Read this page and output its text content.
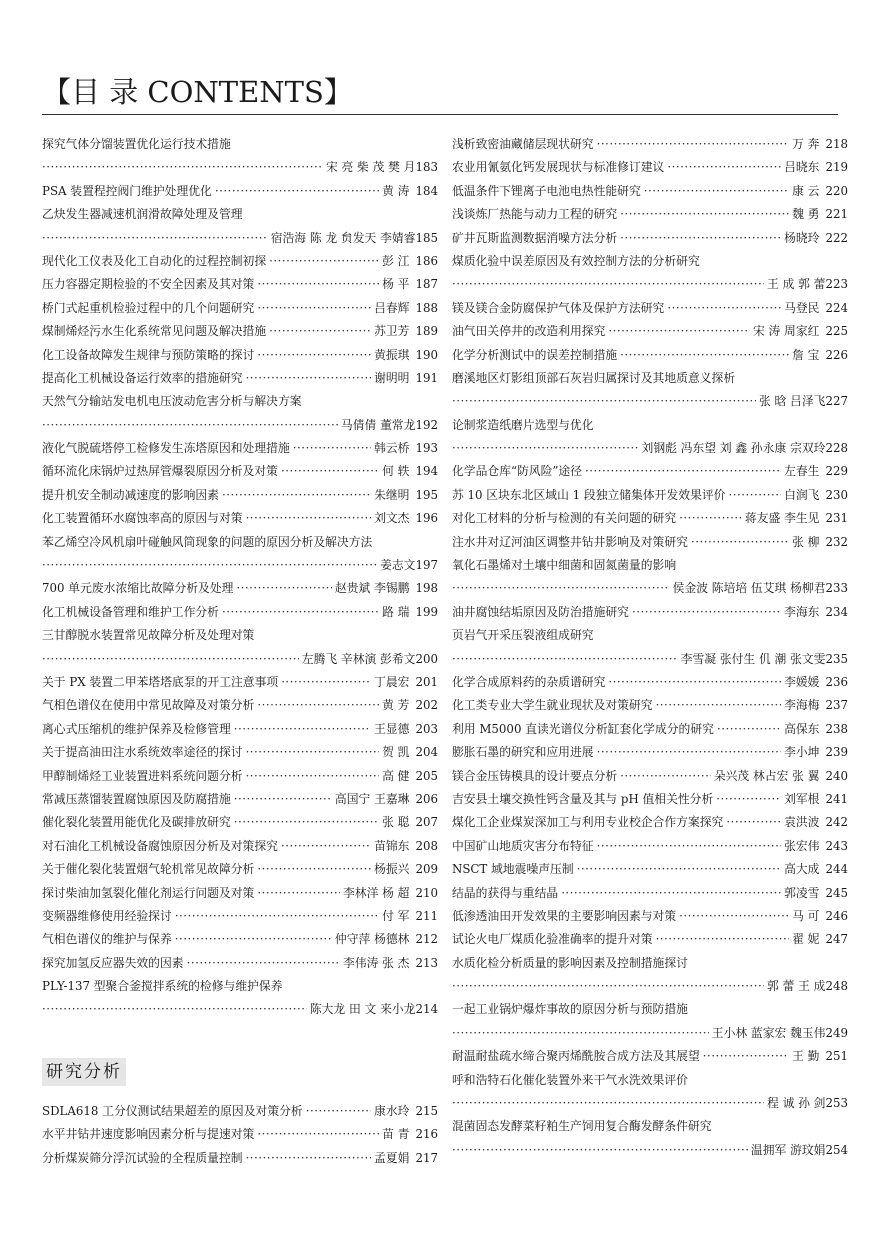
【目 录 CONTENTS】
探究气体分馏装置优化运行技术措施
·····
宋 亮 柴 茂 樊 月 183
PSA 装置程控阀门维护处理优化 ·····	黄 涛 184
乙炔发生器减速机润滑故障处理及管理
·····
宿浩海 陈 龙 贠发天 李婧睿 185
现代化工仪表及化工自动化的过程控制初探 ·····	彭 江 186
压力容器定期检验的不安全因素及其对策 ·····	杨 平 187
桥门式起重机检验过程中的几个问题研究 ·····	吕春辉 188
煤制烯烃污水生化系统常见问题及解决措施 ·····	苏卫芳 189
化工设备故障发生规律与预防策略的探讨 ·····	黄振琪 190
提高化工机械设备运行效率的措施研究 ·····	谢明明 191
天然气分输站发电机电压波动危害分析与解决方案
·····
马倩倩 董常龙 192
液化气脱硫塔停工检修发生冻塔原因和处理措施 ·····	韩云桥 193
循环流化床锅炉过热屏管爆裂原因分析及对策 ·····	何 轶 194
提升机安全制动减速度的影响因素 ·····	朱继明 195
化工装置循环水腐蚀率高的原因与对策 ·····	刘文杰 196
苯乙烯空冷风机扇叶碰触风筒现象的问题的原因分析及解决方法
·····
姜志文 197
700 单元废水浓缩比故障分析及处理 ·····	赵贵斌 李锡鹏 198
化工机械设备管理和维护工作分析 ·····	路 瑞 199
三甘醇脱水装置常见故障分析及处理对策
·····
左腾飞 辛林演 彭希文 200
关于 PX 装置二甲苯塔塔底泵的开工注意事项 ·····	丁晨宏 201
气相色谱仪在使用中常见故障及对策分析 ·····	黄 芳 202
离心式压缩机的维护保养及检修管理 ·····	王显德 203
关于提高油田注水系统效率途径的探讨 ·····	贺 凯 204
甲醇制烯烃工业装置进料系统问题分析 ·····	高 健 205
常减压蒸馏装置腐蚀原因及防腐措施 ·····	高国宁 王嘉琳 206
催化裂化装置用能优化及碳排放研究 ·····	张 聪 207
对石油化工机械设备腐蚀原因分析及对策探究 ·····	苗锦东 208
关于催化裂化装置烟气轮机常见故障分析 ·····	杨振兴 209
探讨柴油加氢裂化催化剂运行问题及对策 ·····	李林洋 杨 超 210
变频器维修使用经验探讨 ·····	付 军 211
气相色谱仪的维护与保养 ·····	仲守萍 杨德林 212
探究加氢反应器失效的因素 ·····	李伟涛 张 杰 213
PLY-137 型聚合釜搅拌系统的检修与维护保养
·····
陈大龙 田 文 来小龙 214
研究分析
SDLA618 工分仪测试结果超差的原因及对策分析 ·····	康水玲 215
水平井钻井速度影响因素分析与提速对策 ·····	苗 青 216
分析煤炭筛分浮沉试验的全程质量控制 ·····	孟夏娟 217
浅析致密油藏储层现状研究 ·····	万 奔 218
农业用氰氨化钙发展现状与标准修订建议 ·····	吕晓东 219
低温条件下锂离子电池电热性能研究 ·····	康 云 220
浅谈炼厂热能与动力工程的研究 ·····	魏 勇 221
矿井瓦斯监测数据消噪方法分析 ·····	杨晓玲 222
煤质化验中误差原因及有效控制方法的分析研究
·····
王 成 郭 蕾 223
镁及镁合金防腐保护气体及保护方法研究 ·····	马登民 224
油气田关停井的改造利用探究 ·····	宋 涛 周家红 225
化学分析测试中的误差控制措施 ·····	詹 宝 226
磨溪地区灯影组顶部石灰岩归属探讨及其地质意义探析
·····
张 晗 吕泽飞 227
论制浆造纸磨片选型与优化
·····
刘钢彪 冯东望 刘 鑫 孙永康 宗双玲 228
化学品仓库“防风险”途径 ·····	左春生 229
苏 10 区块东北区域山 1 段独立储集体开发效果评价 ·····	白润飞 230
对化工材料的分析与检测的有关问题的研究 ·····	蒋友盛 李生见 231
注水井对辽河油区调整井钻井影响及对策研究 ·····	张 柳 232
氧化石墨烯对土壤中细菌和固氮菌量的影响
·····
侯金波 陈培培 伍艾琪 杨柳君 233
油井腐蚀结垢原因及防治措施研究 ·····	李海东 234
页岩气开采压裂液组成研究
·····
李雪凝 张付生 仉 潮 张文雯 235
化学合成原料药的杂质谱研究 ·····	李媛媛 236
化工类专业大学生就业现状及对策研究 ·····	李海梅 237
利用 M5000 直读光谱仪分析缸套化学成分的研究 ·····	高保东 238
膨胀石墨的研究和应用进展 ·····	李小坤 239
镁合金压铸模具的设计要点分析 ·····	朵兴茂 林占宏 张 翼 240
吉安县土壤交换性钙含量及其与 pH 值相关性分析 ·····	刘军根 241
煤化工企业煤炭深加工与利用专业校企合作方案探究 ·····	袁洪波 242
中国矿山地质灾害分布特征 ·····	张宏伟 243
NSCT 域地震噪声压制 ·····	高大成 244
结晶的获得与重结晶 ·····	郭凌雪 245
低渗透油田开发效果的主要影响因素与对策 ·····	马 可 246
试论火电厂煤质化验准确率的提升对策 ·····	翟 妮 247
水质化检分析质量的影响因素及控制措施探讨
·····
郭 蕾 王 成 248
一起工业锅炉爆炸事故的原因分析与预防措施
·····
王小林 蓝家宏 魏玉伟 249
耐温耐盐疏水缔合聚丙烯酰胺合成方法及其展望 ·····	王 勤 251
呼和浩特石化催化装置外来干气水洗效果评价
·····
程 诚 孙 剑 253
混菌固态发酵菜籽粕生产饲用复合酶发酵条件研究
·····
温拥军 游玟娟 254
